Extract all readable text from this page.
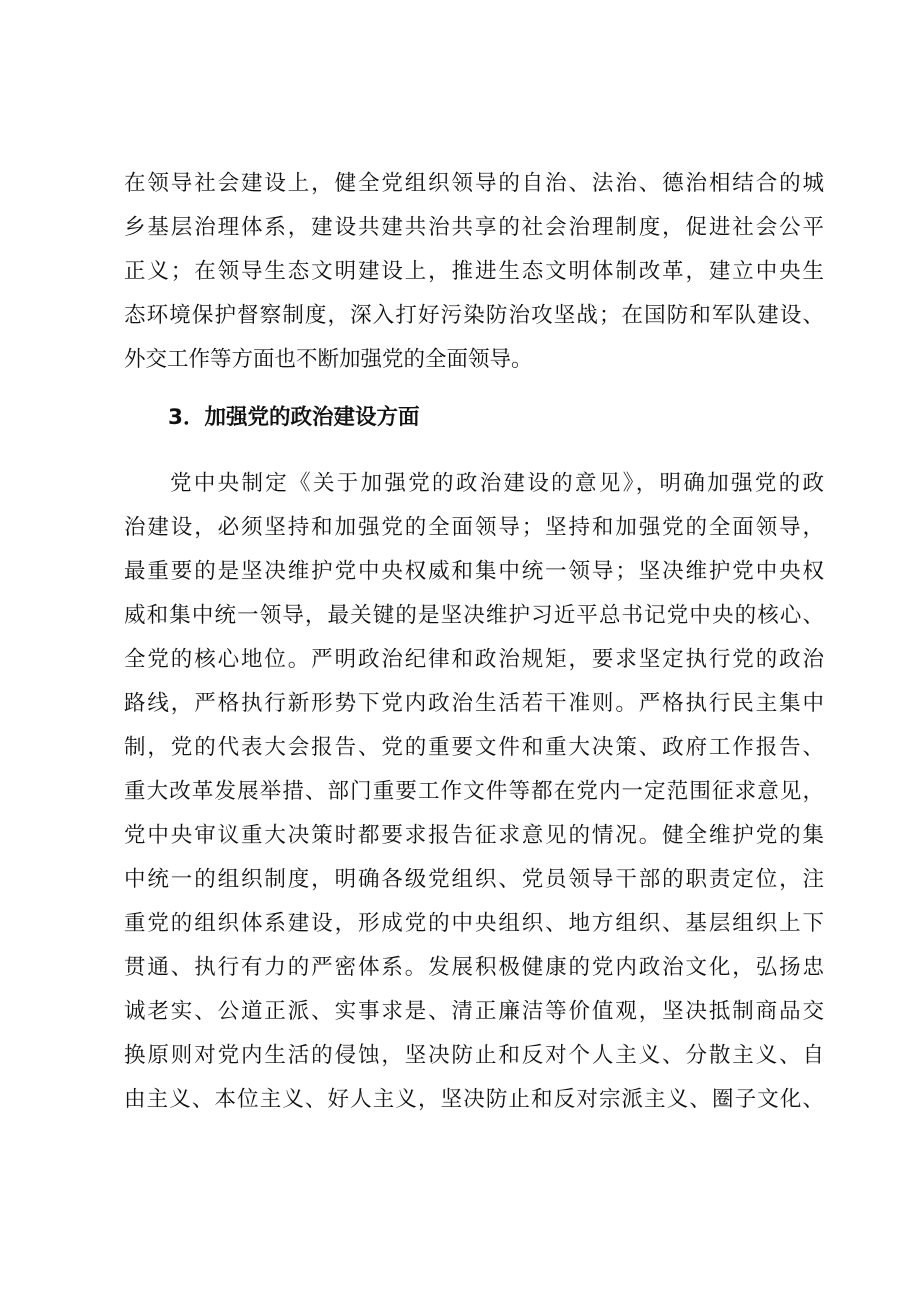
在领导社会建设上，健全党组织领导的自治、法治、德治相结合的城
乡基层治理体系，建设共建共治共享的社会治理制度，促进社会公平
正义；在领导生态文明建设上，推进生态文明体制改革，建立中央生
态环境保护督察制度，深入打好污染防治攻坚战；在国防和军队建设、
外交工作等方面也不断加强党的全面领导。
3．加强党的政治建设方面
党中央制定《关于加强党的政治建设的意见》，明确加强党的政
治建设，必须坚持和加强党的全面领导；坚持和加强党的全面领导，
最重要的是坚决维护党中央权威和集中统一领导；坚决维护党中央权
威和集中统一领导，最关键的是坚决维护习近平总书记党中央的核心、
全党的核心地位。严明政治纪律和政治规矩，要求坚定执行党的政治
路线，严格执行新形势下党内政治生活若干准则。严格执行民主集中
制，党的代表大会报告、党的重要文件和重大决策、政府工作报告、
重大改革发展举措、部门重要工作文件等都在党内一定范围征求意见，
党中央审议重大决策时都要求报告征求意见的情况。健全维护党的集
中统一的组织制度，明确各级党组织、党员领导干部的职责定位，注
重党的组织体系建设，形成党的中央组织、地方组织、基层组织上下
贯通、执行有力的严密体系。发展积极健康的党内政治文化，弘扬忠
诚老实、公道正派、实事求是、清正廉洁等价值观，坚决抵制商品交
换原则对党内生活的侵蚀，坚决防止和反对个人主义、分散主义、自
由主义、本位主义、好人主义，坚决防止和反对宗派主义、圈子文化、
